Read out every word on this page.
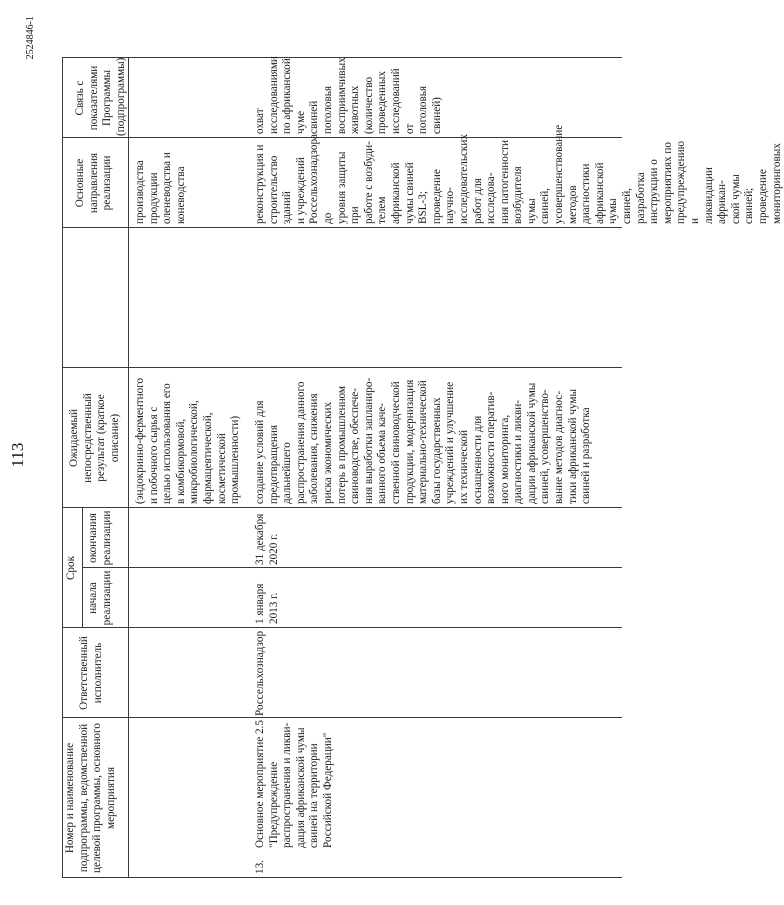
113
2524846-1
Номер и наименование
подпрограммы, ведомственной
целевой программы, основного
мероприятия
Ответственный
исполнитель
Срок
начала
реализации
окончания
реализации
Ожидаемый
непосредственный
результат (краткое
описание)
Основные
направления
реализации
Связь с показателями
Программы
(подпрограммы)
(эндокринно-ферментного
и побочного сырья с
целью использования его
в комбикормовой,
микробиологической,
фармацевтической,
косметической
промышленности)
производства
продукции
оленеводства и
коневодства
13.
Основное мероприятие 2.5
"Предупреждение
распространения и ликви-
дация африканской чумы
свиней на территории
Российской Федерации"
Россельхознадзор
1 января
2013 г.
31 декабря
2020 г.
создание условий для
предотвращения
дальнейшего
распространения данного
заболевания, снижения
риска экономических
потерь в промышленном
свиноводстве, обеспече-
ния выработки запланиро-
ванного объема каче-
ственной свиноводческой
продукции, модернизация
материально-технической
базы государственных
учреждений и улучшение
их технической
оснащенности для
возможности оператив-
ного мониторинга,
диагностики и ликви-
дации африканской чумы
свиней, усовершенство-
вание методов диагнос-
тики африканской чумы
свиней и разработка
реконструкция и
строительство зданий
и учреждений
Россельхознадзора до
уровня защиты при
работе с возбуди-
телем африканской
чумы свиней BSL-3;
проведение научно-
исследовательских
работ для исследова-
ния патогенности
возбудителя чумы
свиней,
усовершенствование
методов диагностики
африканской чумы
свиней, разработка
инструкции о
мероприятиях по
предупреждению и
ликвидации африкан-
ской чумы свиней;
проведение
мониторинговых
охват исследованиями
по африканской чуме
свиней поголовья
восприимчивых
животных (количество
проведенных
исследований от
поголовья свиней)
